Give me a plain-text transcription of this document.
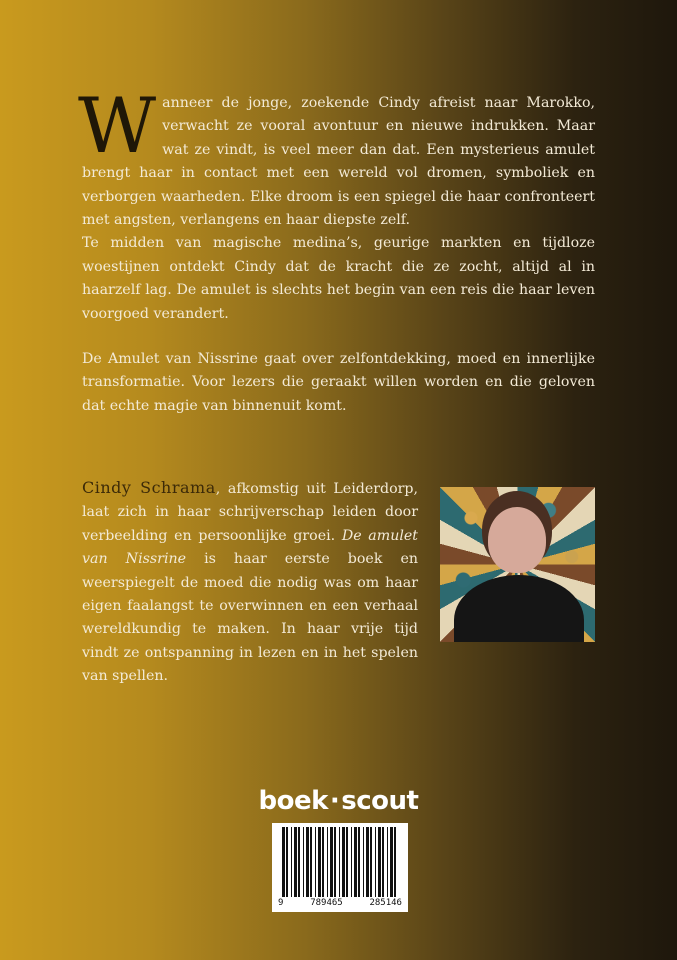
Wanneer de jonge, zoekende Cindy afreist naar Marokko, verwacht ze vooral avontuur en nieuwe indrukken. Maar wat ze vindt, is veel meer dan dat. Een mysterieus amulet brengt haar in contact met een wereld vol dromen, symboliek en verborgen waarheden. Elke droom is een spiegel die haar confronteert met angsten, verlangens en haar diepste zelf.

Te midden van magische medina’s, geurige markten en tijdloze woestijnen ontdekt Cindy dat de kracht die ze zocht, altijd al in haarzelf lag. De amulet is slechts het begin van een reis die haar leven voorgoed verandert.

De Amulet van Nissrine gaat over zelfontdekking, moed en innerlijke transformatie. Voor lezers die geraakt willen worden en die geloven dat echte magie van binnenuit komt.

Cindy Schrama, afkomstig uit Leiderdorp, laat zich in haar schrijverschap leiden door verbeelding en persoonlijke groei. De amulet van Nissrine is haar eerste boek en weerspiegelt de moed die nodig was om haar eigen faalangst te overwinnen en een verhaal wereldkundig te maken. In haar vrije tijd vindt ze ontspanning in lezen en in het spelen van spellen.

boek·scout
9	789465	285146
